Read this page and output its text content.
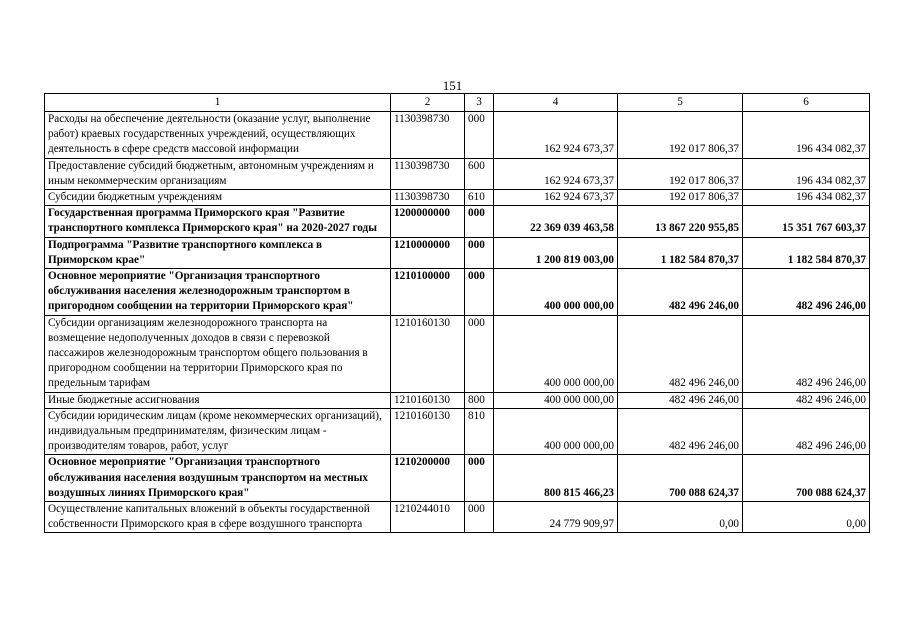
151
1	2	3	4	5	6
Расходы на обеспечение деятельности (оказание услуг, выполнение работ) краевых государственных учреждений, осуществляющих деятельность в сфере средств массовой информации	1130398730	000	162 924 673,37	192 017 806,37	196 434 082,37
Предоставление субсидий бюджетным, автономным учреждениям и иным некоммерческим организациям	1130398730	600	162 924 673,37	192 017 806,37	196 434 082,37
Субсидии бюджетным учреждениям	1130398730	610	162 924 673,37	192 017 806,37	196 434 082,37
Государственная программа Приморского края "Развитие транспортного комплекса Приморского края" на 2020-2027 годы	1200000000	000	22 369 039 463,58	13 867 220 955,85	15 351 767 603,37
Подпрограмма "Развитие транспортного комплекса в Приморском крае"	1210000000	000	1 200 819 003,00	1 182 584 870,37	1 182 584 870,37
Основное мероприятие "Организация транспортного обслуживания населения железнодорожным транспортом в пригородном сообщении на территории Приморского края"	1210100000	000	400 000 000,00	482 496 246,00	482 496 246,00
Субсидии организациям железнодорожного транспорта на возмещение недополученных доходов в связи с перевозкой пассажиров железнодорожным транспортом общего пользования в пригородном сообщении на территории Приморского края по предельным тарифам	1210160130	000	400 000 000,00	482 496 246,00	482 496 246,00
Иные бюджетные ассигнования	1210160130	800	400 000 000,00	482 496 246,00	482 496 246,00
Субсидии юридическим лицам (кроме некоммерческих организаций), индивидуальным предпринимателям, физическим лицам - производителям товаров, работ, услуг	1210160130	810	400 000 000,00	482 496 246,00	482 496 246,00
Основное мероприятие "Организация транспортного обслуживания населения воздушным транспортом на местных воздушных линиях Приморского края"	1210200000	000	800 815 466,23	700 088 624,37	700 088 624,37
Осуществление капитальных вложений в объекты государственной собственности Приморского края в сфере воздушного транспорта	1210244010	000	24 779 909,97	0,00	0,00
